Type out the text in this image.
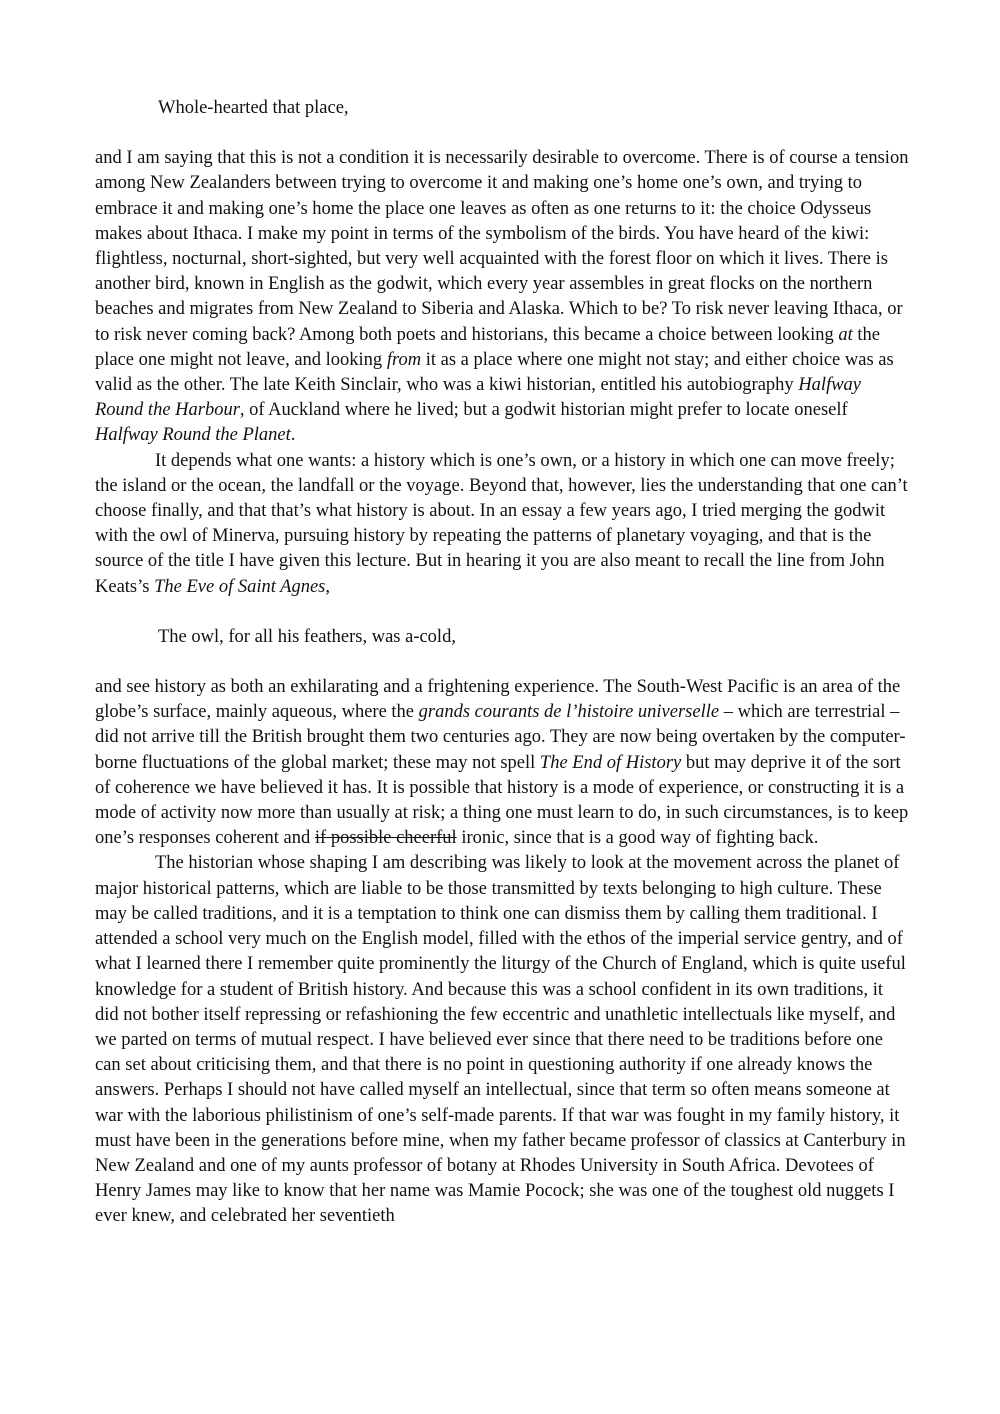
Whole-hearted that place,

and I am saying that this is not a condition it is necessarily desirable to overcome. There is of course a tension among New Zealanders between trying to overcome it and making one’s home one’s own, and trying to embrace it and making one’s home the place one leaves as often as one returns to it: the choice Odysseus makes about Ithaca. I make my point in terms of the symbolism of the birds. You have heard of the kiwi: flightless, nocturnal, short-sighted, but very well acquainted with the forest floor on which it lives. There is another bird, known in English as the godwit, which every year assembles in great flocks on the northern beaches and migrates from New Zealand to Siberia and Alaska. Which to be? To risk never leaving Ithaca, or to risk never coming back? Among both poets and historians, this became a choice between looking at the place one might not leave, and looking from it as a place where one might not stay; and either choice was as valid as the other. The late Keith Sinclair, who was a kiwi historian, entitled his autobiography Halfway Round the Harbour, of Auckland where he lived; but a godwit historian might prefer to locate oneself Halfway Round the Planet.

It depends what one wants: a history which is one’s own, or a history in which one can move freely; the island or the ocean, the landfall or the voyage. Beyond that, however, lies the understanding that one can’t choose finally, and that that’s what history is about. In an essay a few years ago, I tried merging the godwit with the owl of Minerva, pursuing history by repeating the patterns of planetary voyaging, and that is the source of the title I have given this lecture. But in hearing it you are also meant to recall the line from John Keats’s The Eve of Saint Agnes,

The owl, for all his feathers, was a-cold,

and see history as both an exhilarating and a frightening experience. The South-West Pacific is an area of the globe’s surface, mainly aqueous, where the grands courants de l’histoire universelle – which are terrestrial – did not arrive till the British brought them two centuries ago. They are now being overtaken by the computer-borne fluctuations of the global market; these may not spell The End of History but may deprive it of the sort of coherence we have believed it has. It is possible that history is a mode of experience, or constructing it is a mode of activity now more than usually at risk; a thing one must learn to do, in such circumstances, is to keep one’s responses coherent and if possible cheerful ironic, since that is a good way of fighting back.

The historian whose shaping I am describing was likely to look at the movement across the planet of major historical patterns, which are liable to be those transmitted by texts belonging to high culture. These may be called traditions, and it is a temptation to think one can dismiss them by calling them traditional. I attended a school very much on the English model, filled with the ethos of the imperial service gentry, and of what I learned there I remember quite prominently the liturgy of the Church of England, which is quite useful knowledge for a student of British history. And because this was a school confident in its own traditions, it did not bother itself repressing or refashioning the few eccentric and unathletic intellectuals like myself, and we parted on terms of mutual respect. I have believed ever since that there need to be traditions before one can set about criticising them, and that there is no point in questioning authority if one already knows the answers. Perhaps I should not have called myself an intellectual, since that term so often means someone at war with the laborious philistinism of one’s self-made parents. If that war was fought in my family history, it must have been in the generations before mine, when my father became professor of classics at Canterbury in New Zealand and one of my aunts professor of botany at Rhodes University in South Africa. Devotees of Henry James may like to know that her name was Mamie Pocock; she was one of the toughest old nuggets I ever knew, and celebrated her seventieth
